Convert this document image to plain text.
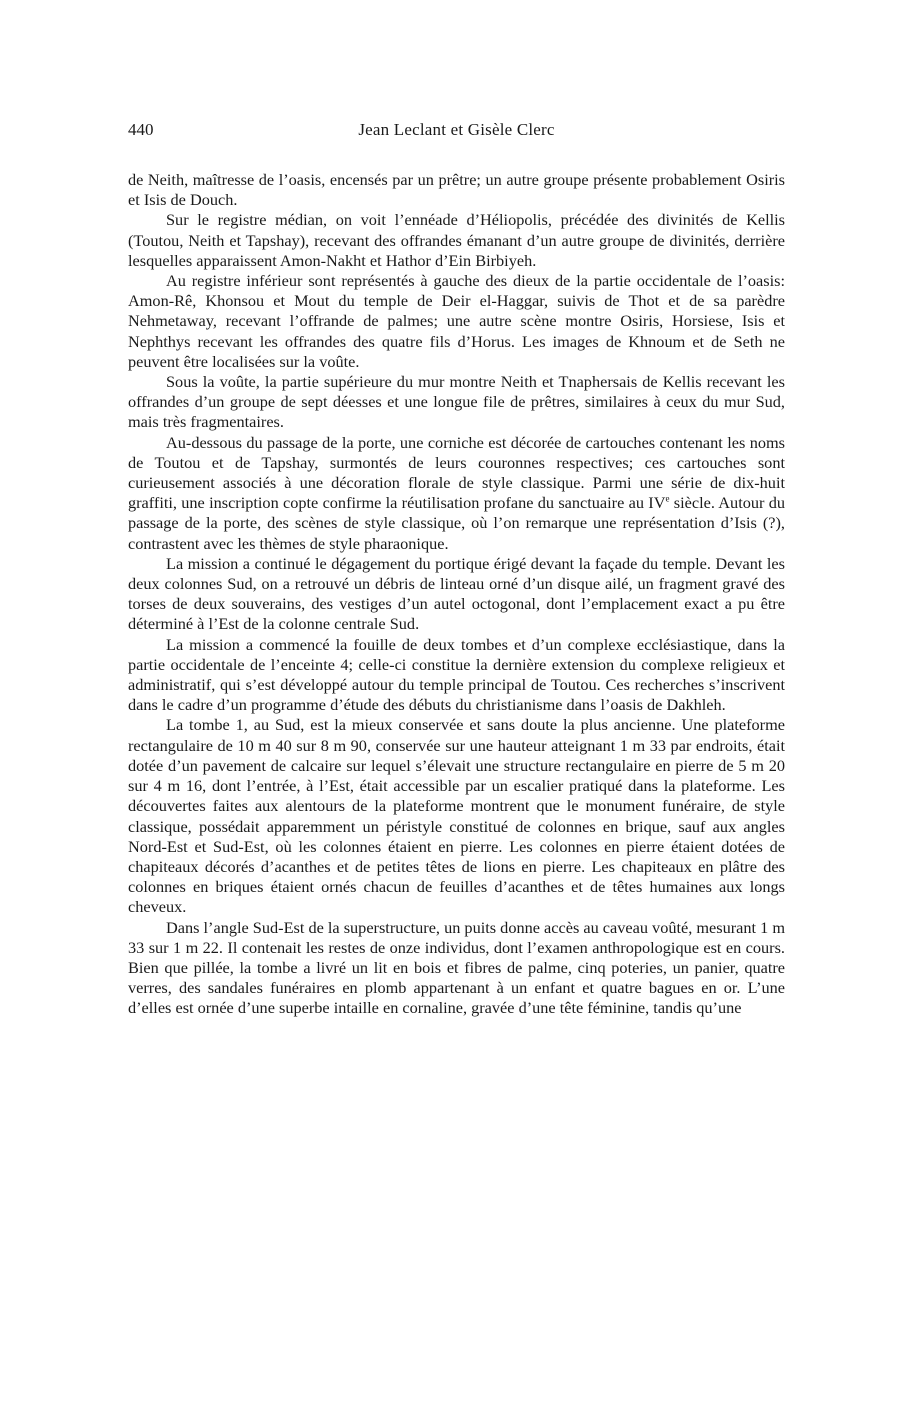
440	Jean Leclant et Gisèle Clerc

de Neith, maîtresse de l’oasis, encensés par un prêtre; un autre groupe présente probablement Osiris et Isis de Douch.

Sur le registre médian, on voit l’ennéade d’Héliopolis, précédée des divinités de Kellis (Toutou, Neith et Tapshay), recevant des offrandes émanant d’un autre groupe de divinités, derrière lesquelles apparaissent Amon-Nakht et Hathor d’Ein Birbiyeh.

Au registre inférieur sont représentés à gauche des dieux de la partie occidentale de l’oasis: Amon-Rê, Khonsou et Mout du temple de Deir el-Haggar, suivis de Thot et de sa parèdre Nehmetaway, recevant l’offrande de palmes; une autre scène montre Osiris, Horsiese, Isis et Nephthys recevant les offrandes des quatre fils d’Horus. Les images de Khnoum et de Seth ne peuvent être localisées sur la voûte.

Sous la voûte, la partie supérieure du mur montre Neith et Tnaphersais de Kellis recevant les offrandes d’un groupe de sept déesses et une longue file de prêtres, similaires à ceux du mur Sud, mais très fragmentaires.

Au-dessous du passage de la porte, une corniche est décorée de cartouches contenant les noms de Toutou et de Tapshay, surmontés de leurs couronnes respectives; ces cartouches sont curieusement associés à une décoration florale de style classique. Parmi une série de dix-huit graffiti, une inscription copte confirme la réutilisation profane du sanctuaire au IVe siècle. Autour du passage de la porte, des scènes de style classique, où l’on remarque une représentation d’Isis (?), contrastent avec les thèmes de style pharaonique.

La mission a continué le dégagement du portique érigé devant la façade du temple. Devant les deux colonnes Sud, on a retrouvé un débris de linteau orné d’un disque ailé, un fragment gravé des torses de deux souverains, des vestiges d’un autel octogonal, dont l’emplacement exact a pu être déterminé à l’Est de la colonne centrale Sud.

La mission a commencé la fouille de deux tombes et d’un complexe ecclésiastique, dans la partie occidentale de l’enceinte 4; celle-ci constitue la dernière extension du complexe religieux et administratif, qui s’est développé autour du temple principal de Toutou. Ces recherches s’inscrivent dans le cadre d’un programme d’étude des débuts du christianisme dans l’oasis de Dakhleh.

La tombe 1, au Sud, est la mieux conservée et sans doute la plus ancienne. Une plateforme rectangulaire de 10 m 40 sur 8 m 90, conservée sur une hauteur atteignant 1 m 33 par endroits, était dotée d’un pavement de calcaire sur lequel s’élevait une structure rectangulaire en pierre de 5 m 20 sur 4 m 16, dont l’entrée, à l’Est, était accessible par un escalier pratiqué dans la plateforme. Les découvertes faites aux alentours de la plateforme montrent que le monument funéraire, de style classique, possédait apparemment un péristyle constitué de colonnes en brique, sauf aux angles Nord-Est et Sud-Est, où les colonnes étaient en pierre. Les colonnes en pierre étaient dotées de chapiteaux décorés d’acanthes et de petites têtes de lions en pierre. Les chapiteaux en plâtre des colonnes en briques étaient ornés chacun de feuilles d’acanthes et de têtes humaines aux longs cheveux.

Dans l’angle Sud-Est de la superstructure, un puits donne accès au caveau voûté, mesurant 1 m 33 sur 1 m 22. Il contenait les restes de onze individus, dont l’examen anthropologique est en cours. Bien que pillée, la tombe a livré un lit en bois et fibres de palme, cinq poteries, un panier, quatre verres, des sandales funéraires en plomb appartenant à un enfant et quatre bagues en or. L’une d’elles est ornée d’une superbe intaille en cornaline, gravée d’une tête féminine, tandis qu’une
